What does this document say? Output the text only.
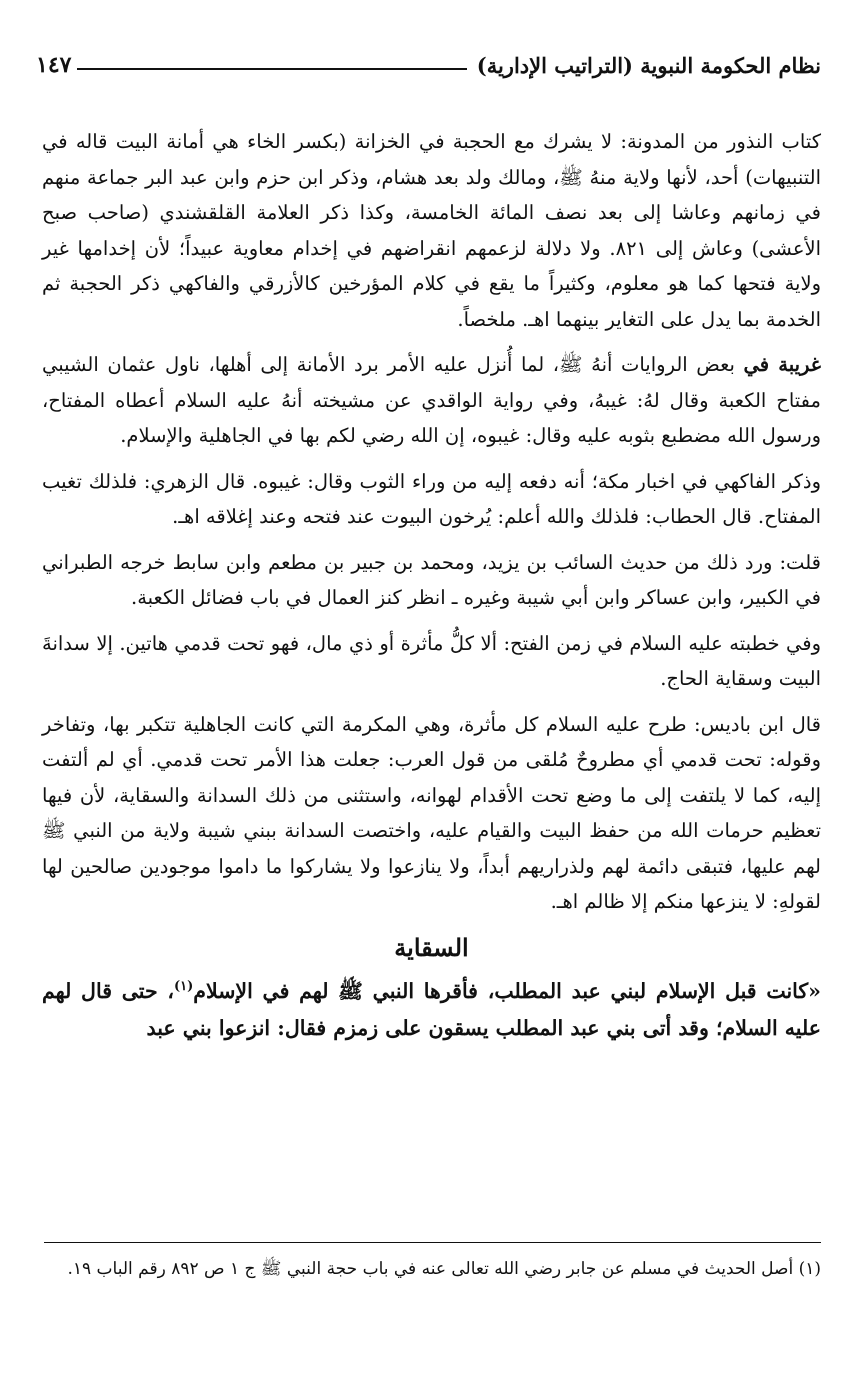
نظام الحكومة النبوية (التراتيب الإدارية)
١٤٧

كتاب النذور من المدونة: لا يشرك مع الحجبة في الخزانة (بكسر الخاء هي أمانة البيت قاله في التنبيهات) أحد، لأنها ولاية منهُ ﷺ، ومالك ولد بعد هشام، وذكر ابن حزم وابن عبد البر جماعة منهم في زمانهم وعاشا إلى بعد نصف المائة الخامسة، وكذا ذكر العلامة القلقشندي (صاحب صبح الأعشى) وعاش إلى ٨٢١. ولا دلالة لزعمهم انقراضهم في إخدام معاوية عبيداً؛ لأن إخدامها غير ولاية فتحها كما هو معلوم، وكثيراً ما يقع في كلام المؤرخين كالأزرقي والفاكهي ذكر الحجبة ثم الخدمة بما يدل على التغاير بينهما اهـ. ملخصاً.

غريبة في بعض الروايات أنهُ ﷺ، لما أُنزل عليه الأمر برد الأمانة إلى أهلها، ناول عثمان الشيبي مفتاح الكعبة وقال لهُ: غيبهُ، وفي رواية الواقدي عن مشيخته أنهُ عليه السلام أعطاه المفتاح، ورسول الله مضطبع بثوبه عليه وقال: غيبوه، إن الله رضي لكم بها في الجاهلية والإسلام.

وذكر الفاكهي في اخبار مكة؛ أنه دفعه إليه من وراء الثوب وقال: غيبوه. قال الزهري: فلذلك تغيب المفتاح. قال الحطاب: فلذلك والله أعلم: يُرخون البيوت عند فتحه وعند إغلاقه اهـ.

قلت: ورد ذلك من حديث السائب بن يزيد، ومحمد بن جبير بن مطعم وابن سابط خرجه الطبراني في الكبير، وابن عساكر وابن أبي شيبة وغيره ـ انظر كنز العمال في باب فضائل الكعبة.

وفي خطبته عليه السلام في زمن الفتح: ألا كلُّ مأثرة أو ذي مال، فهو تحت قدمي هاتين. إلا سدانةَ البيت وسقاية الحاج.

قال ابن باديس: طرح عليه السلام كل مأثرة، وهي المكرمة التي كانت الجاهلية تتكبر بها، وتفاخر وقوله: تحت قدمي أي مطروحٌ مُلقى من قول العرب: جعلت هذا الأمر تحت قدمي. أي لم ألتفت إليه، كما لا يلتفت إلى ما وضع تحت الأقدام لهوانه، واستثنى من ذلك السدانة والسقاية، لأن فيها تعظيم حرمات الله من حفظ البيت والقيام عليه، واختصت السدانة ببني شيبة ولاية من النبي ﷺ لهم عليها، فتبقى دائمة لهم ولذراريهم أبداً، ولا ينازعوا ولا يشاركوا ما داموا موجودين صالحين لها لقولهِ: لا ينزعها منكم إلا ظالم اهـ.

السقاية

«كانت قبل الإسلام لبني عبد المطلب، فأقرها النبي ﷺ لهم في الإسلام$^{(١)}$، حتى قال لهم عليه السلام؛ وقد أتى بني عبد المطلب يسقون على زمزم فقال: انزعوا بني عبد

(١) أصل الحديث في مسلم عن جابر رضي الله تعالى عنه في باب حجة النبي ﷺ ج ١ ص ٨٩٢ رقم الباب ١٩.
